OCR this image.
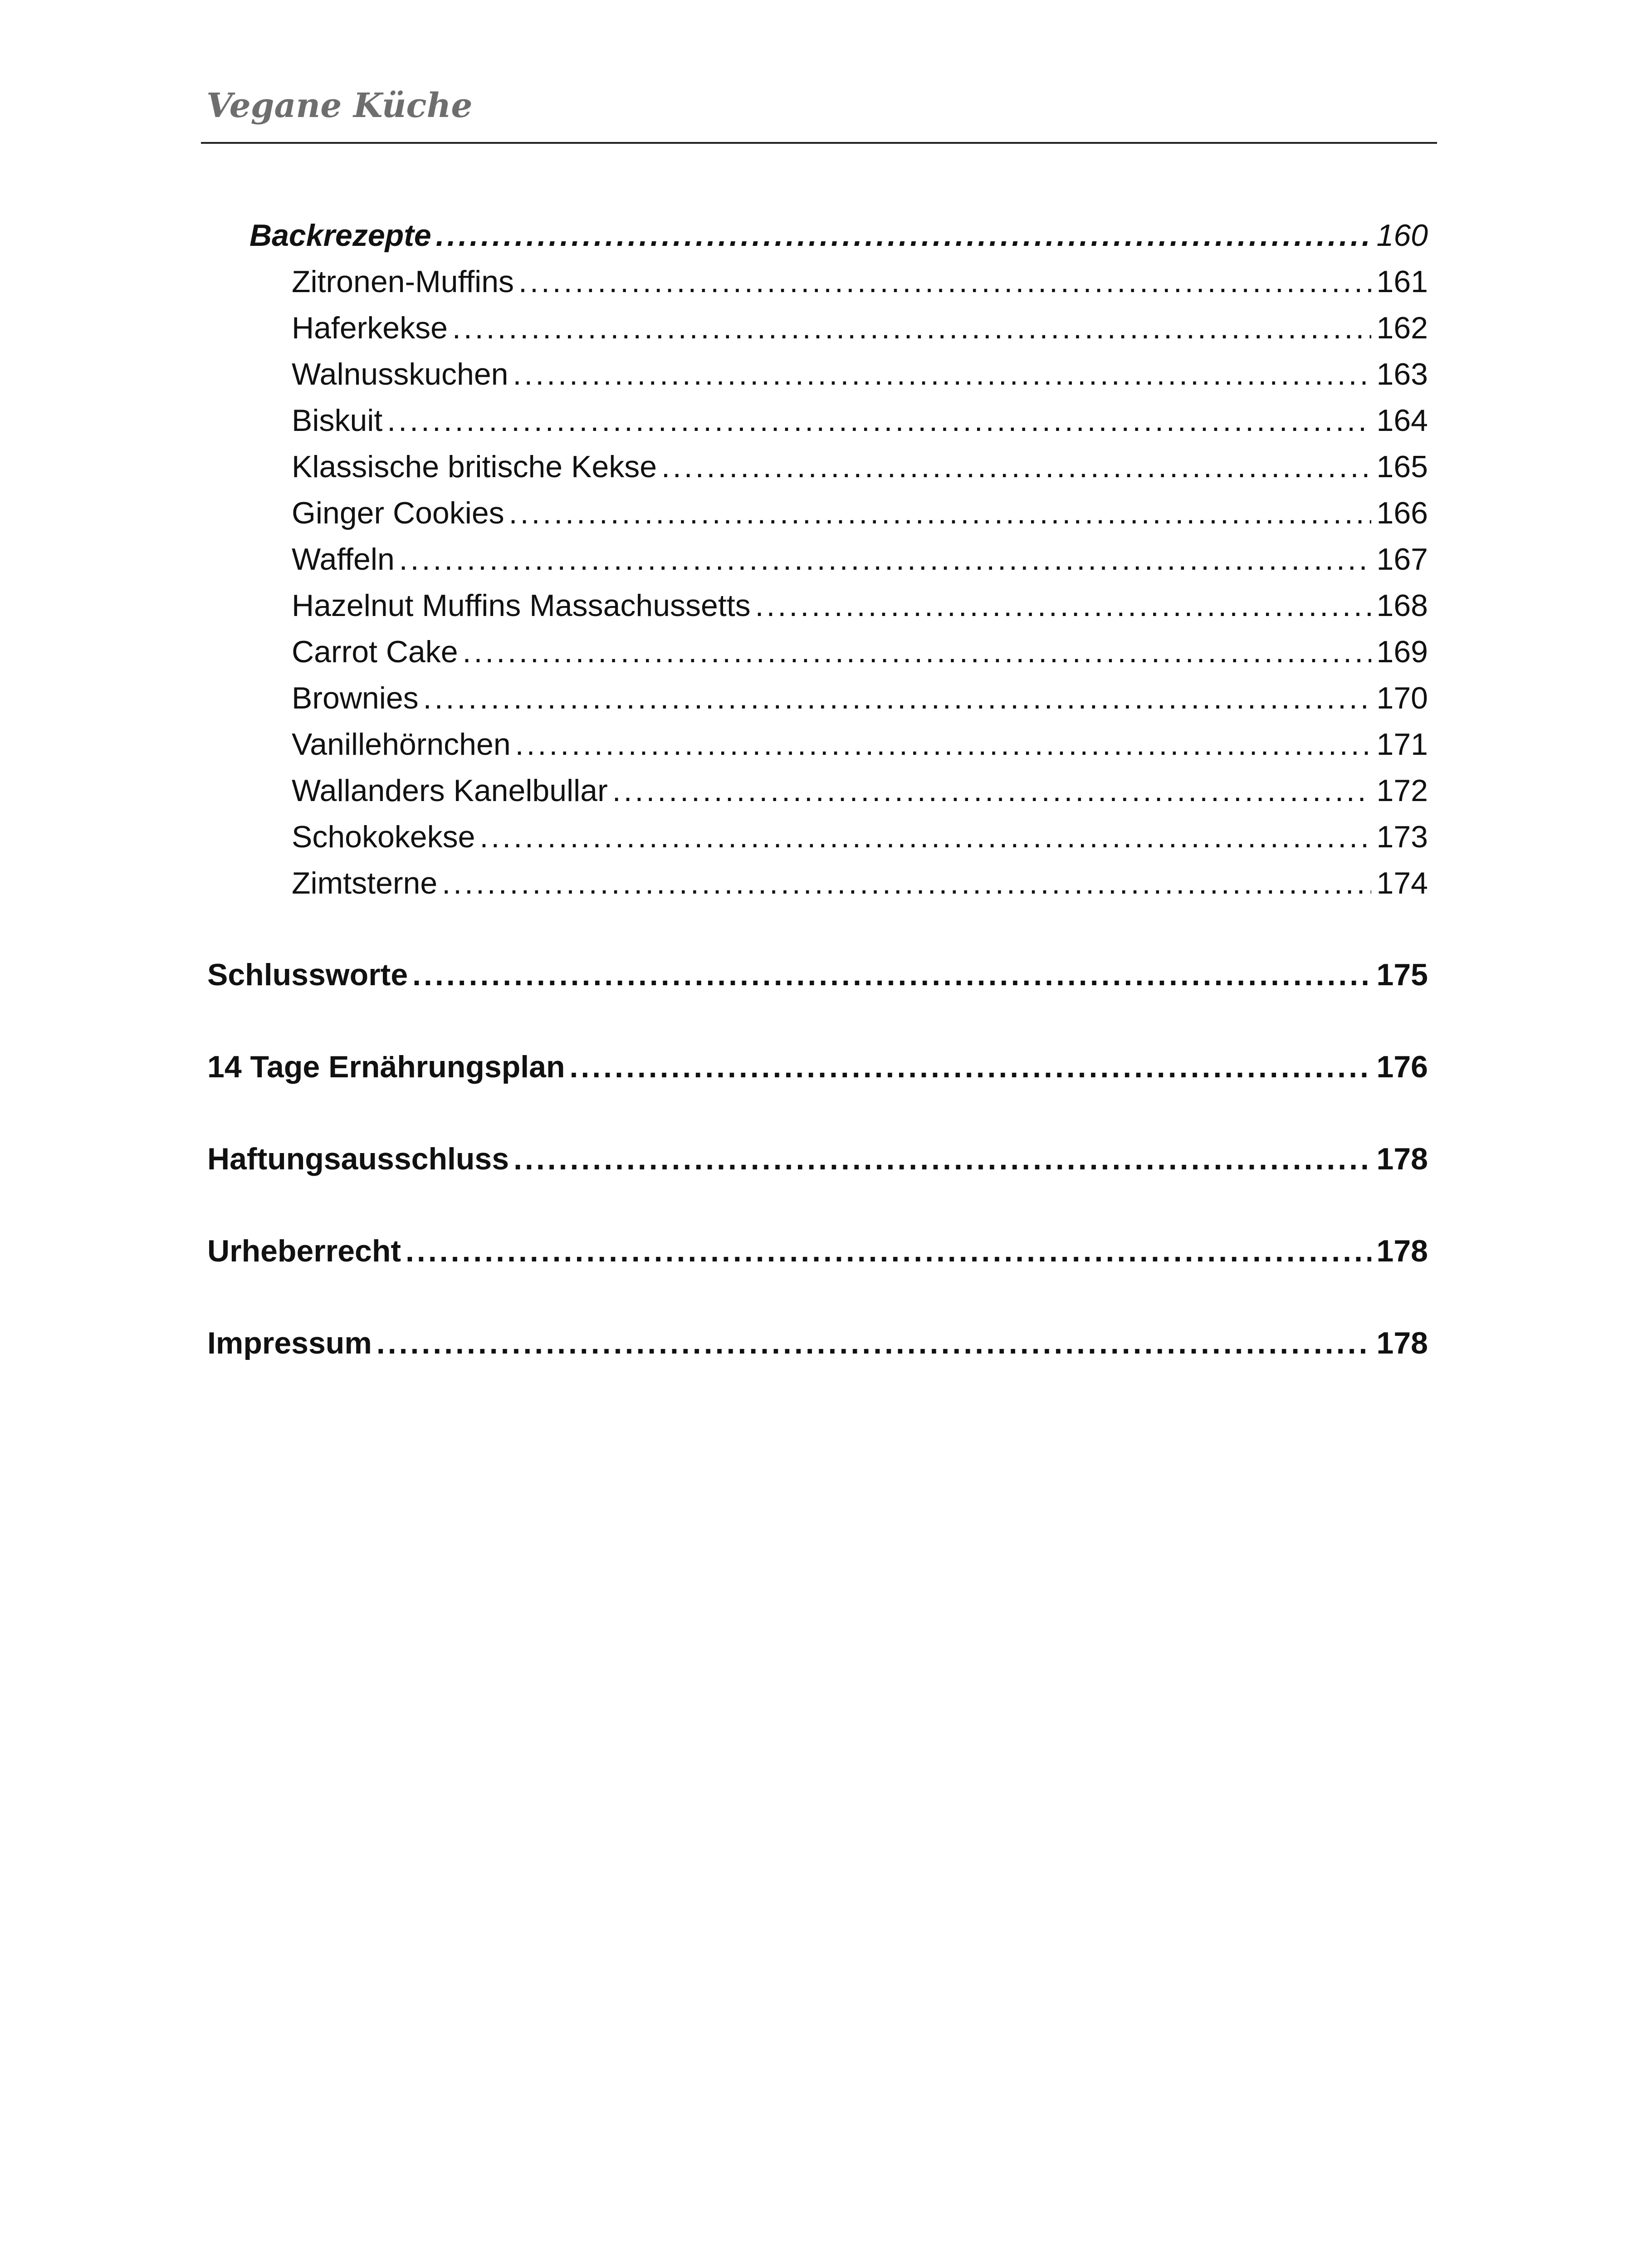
Vegane Küche
Backrezepte .....	160
Zitronen-Muffins .....	161
Haferkekse .....	162
Walnusskuchen .....	163
Biskuit .....	164
Klassische britische Kekse .....	165
Ginger Cookies .....	166
Waffeln .....	167
Hazelnut Muffins Massachussetts .....	168
Carrot Cake .....	169
Brownies .....	170
Vanillehörnchen .....	171
Wallanders Kanelbullar .....	172
Schokokekse .....	173
Zimtsterne .....	174
Schlussworte .....	175
14 Tage Ernährungsplan .....	176
Haftungsausschluss .....	178
Urheberrecht .....	178
Impressum .....	178
